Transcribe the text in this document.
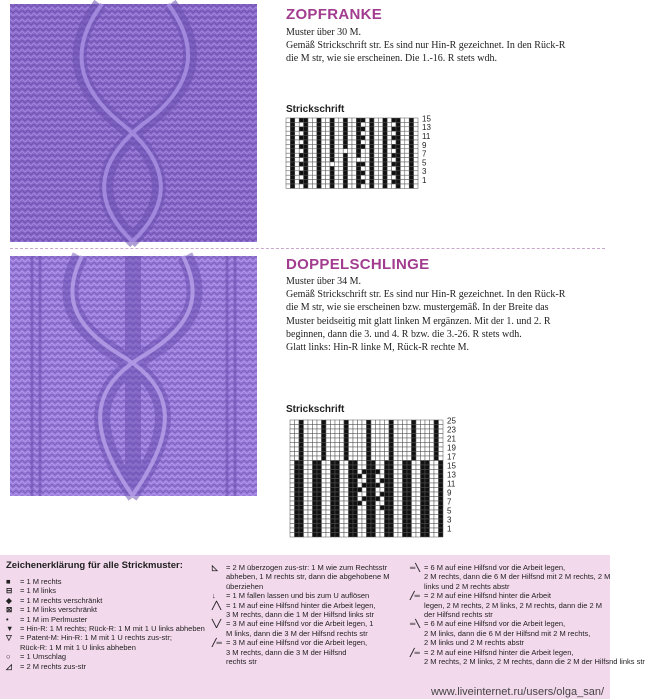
ZOPFRANKE

Muster über 30 M.

Gemäß Strickschrift str. Es sind nur Hin-R gezeichnet. In den Rück-R

die M str, wie sie erscheinen. Die 1.-16. R stets wdh.

Strickschrift
15
13
11
9
7
5
3
1
DOPPELSCHLINGE

Muster über 34 M.

Gemäß Strickschrift str. Es sind nur Hin-R gezeichnet. In den Rück-R

die M str, wie sie erscheinen bzw. mustergemäß. In der Breite das

Muster beidseitig mit glatt linken M ergänzen. Mit der 1. und 2. R

beginnen, dann die 3. und 4. R bzw. die 3.-26. R stets wdh.

Glatt links: Hin-R linke M, Rück-R rechte M.

Strickschrift
25
23
21
19
17
15
13
11
9
7
5
3
1
Zeichenerklärung für alle Strickmuster:
■ = 1 M rechts
⊟ = 1 M links
◆ = 1 M rechts verschränkt
⊠ = 1 M links verschränkt
• = 1 M im Perlmuster
▼ = Hin-R: 1 M rechts; Rück-R: 1 M mit 1 U links abheben
▽ = Patent-M: Hin-R: 1 M mit 1 U rechts zus-str;
Rück-R: 1 M mit 1 U links abheben
○ = 1 Umschlag
◿ = 2 M rechts zus-str
◺ = 2 M überzogen zus-str: 1 M wie zum Rechtsstr
abheben, 1 M rechts str, dann die abgehobene M
überziehen
↓ = 1 M fallen lassen und bis zum U auflösen
╱╲ = 1 M auf eine Hilfsnd hinter die Arbeit legen,
3 M rechts, dann die 1 M der Hilfsnd links str
╲╱ = 3 M auf eine Hilfsnd vor die Arbeit legen, 1
M links, dann die 3 M der Hilfsnd rechts str
╱═ = 3 M auf eine Hilfsnd vor die Arbeit legen,
3 M rechts, dann die 3 M der Hilfsnd
rechts str
═╲ = 6 M auf eine Hilfsnd vor die Arbeit legen,
2 M rechts, dann die 6 M der Hilfsnd mit 2 M rechts, 2 M
links und 2 M rechts abstr
╱═ = 2 M auf eine Hilfsnd hinter die Arbeit
legen, 2 M rechts, 2 M links, 2 M rechts, dann die 2 M
der Hilfsnd rechts str
═╲ = 6 M auf eine Hilfsnd vor die Arbeit legen,
2 M links, dann die 6 M der Hilfsnd mit 2 M rechts,
2 M links und 2 M rechts abstr
╱═ = 2 M auf eine Hilfsnd hinter die Arbeit legen,
2 M rechts, 2 M links, 2 M rechts, dann die 2 M der Hilfsnd links str
www.liveinternet.ru/users/olga_san/
